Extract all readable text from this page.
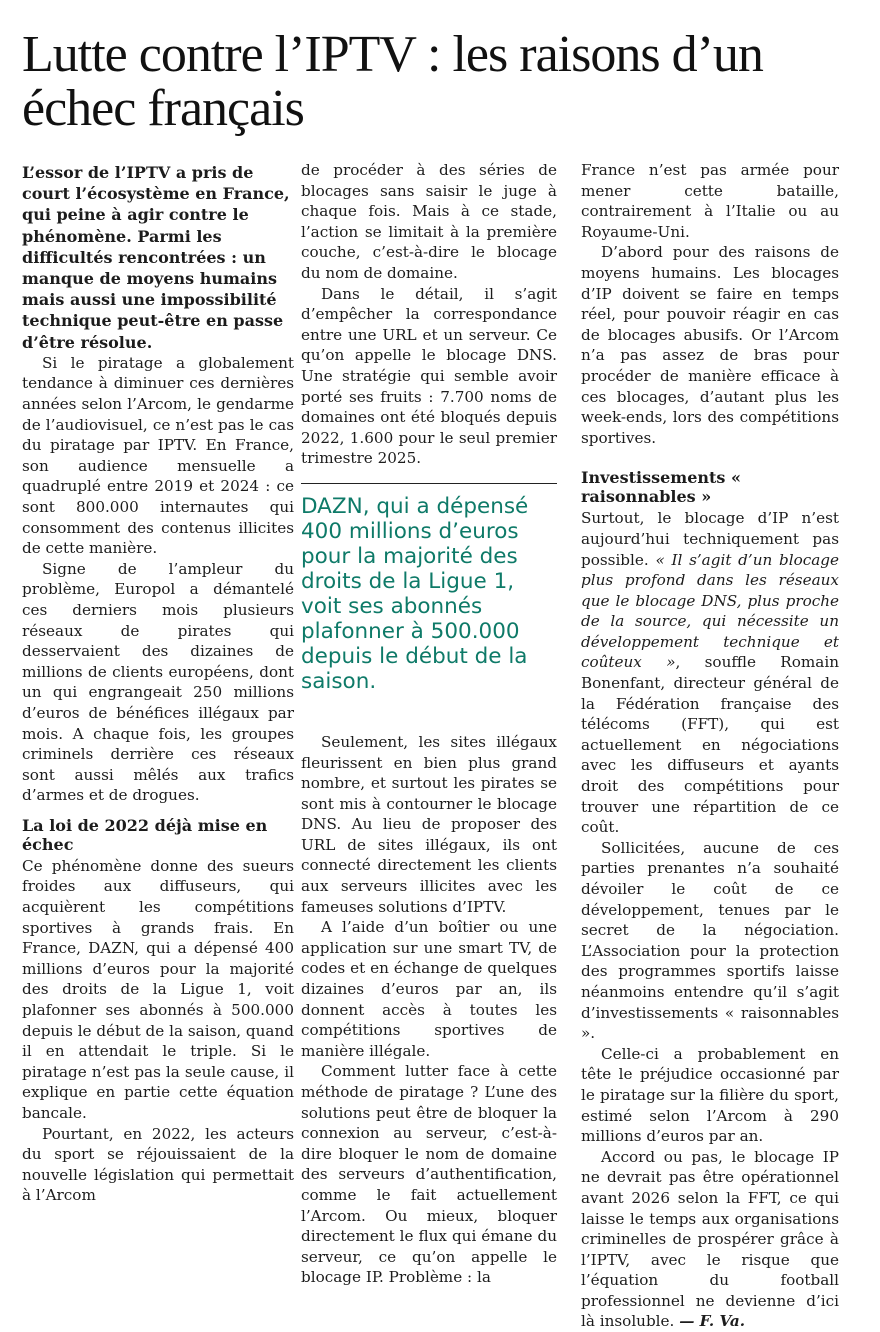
Lutte contre l’IPTV : les raisons d’un échec français

L’essor de l’IPTV a pris de court l’écosystème en France, qui peine à agir contre le phénomène. Parmi les difficultés rencontrées : un manque de moyens humains mais aussi une impossibilité technique peut-être en passe d’être résolue.

Si le piratage a globalement tendance à diminuer ces dernières années selon l’Arcom, le gendarme de l’audiovisuel, ce n’est pas le cas du piratage par IPTV. En France, son audience mensuelle a quadruplé entre 2019 et 2024 : ce sont 800.000 internautes qui consomment des contenus illicites de cette manière.

Signe de l’ampleur du problème, Europol a démantelé ces derniers mois plusieurs réseaux de pirates qui desservaient des dizaines de millions de clients européens, dont un qui engrangeait 250 millions d’euros de bénéfices illégaux par mois. A chaque fois, les groupes criminels derrière ces réseaux sont aussi mêlés aux trafics d’armes et de drogues.

La loi de 2022 déjà mise en échec

Ce phénomène donne des sueurs froides aux diffuseurs, qui acquièrent les compétitions sportives à grands frais. En France, DAZN, qui a dépensé 400 millions d’euros pour la majorité des droits de la Ligue 1, voit plafonner ses abonnés à 500.000 depuis le début de la saison, quand il en attendait le triple. Si le piratage n’est pas la seule cause, il explique en partie cette équation bancale.

Pourtant, en 2022, les acteurs du sport se réjouissaient de la nouvelle législation qui permettait à l’Arcom

de procéder à des séries de blocages sans saisir le juge à chaque fois. Mais à ce stade, l’action se limitait à la première couche, c’est-à-dire le blocage du nom de domaine.

Dans le détail, il s’agit d’empêcher la correspondance entre une URL et un serveur. Ce qu’on appelle le blocage DNS. Une stratégie qui semble avoir porté ses fruits : 7.700 noms de domaines ont été bloqués depuis 2022, 1.600 pour le seul premier trimestre 2025.

DAZN, qui a dépensé 400 millions d’euros pour la majorité des droits de la Ligue 1, voit ses abonnés plafonner à 500.000 depuis le début de la saison.

Seulement, les sites illégaux fleurissent en bien plus grand nombre, et surtout les pirates se sont mis à contourner le blocage DNS. Au lieu de proposer des URL de sites illégaux, ils ont connecté directement les clients aux serveurs illicites avec les fameuses solutions d’IPTV.

A l’aide d’un boîtier ou une application sur une smart TV, de codes et en échange de quelques dizaines d’euros par an, ils donnent accès à toutes les compétitions sportives de manière illégale.

Comment lutter face à cette méthode de piratage ? L’une des solutions peut être de bloquer la connexion au serveur, c’est-à-dire bloquer le nom de domaine des serveurs d’authentification, comme le fait actuellement l’Arcom. Ou mieux, bloquer directement le flux qui émane du serveur, ce qu’on appelle le blocage IP. Problème : la

France n’est pas armée pour mener cette bataille, contrairement à l’Italie ou au Royaume-Uni.

D’abord pour des raisons de moyens humains. Les blocages d’IP doivent se faire en temps réel, pour pouvoir réagir en cas de blocages abusifs. Or l’Arcom n’a pas assez de bras pour procéder de manière efficace à ces blocages, d’autant plus les week-ends, lors des compétitions sportives.

Investissements « raisonnables »

Surtout, le blocage d’IP n’est aujourd’hui techniquement pas possible. « Il s’agit d’un blocage plus profond dans les réseaux que le blocage DNS, plus proche de la source, qui nécessite un développement technique et coûteux », souffle Romain Bonenfant, directeur général de la Fédération française des télécoms (FFT), qui est actuellement en négociations avec les diffuseurs et ayants droit des compétitions pour trouver une répartition de ce coût.

Sollicitées, aucune de ces parties prenantes n’a souhaité dévoiler le coût de ce développement, tenues par le secret de la négociation. L’Association pour la protection des programmes sportifs laisse néanmoins entendre qu’il s’agit d’investissements « raisonnables ».

Celle-ci a probablement en tête le préjudice occasionné par le piratage sur la filière du sport, estimé selon l’Arcom à 290 millions d’euros par an.

Accord ou pas, le blocage IP ne devrait pas être opérationnel avant 2026 selon la FFT, ce qui laisse le temps aux organisations criminelles de prospérer grâce à l’IPTV, avec le risque que l’équation du football professionnel ne devienne d’ici là insoluble. — F. Va.
